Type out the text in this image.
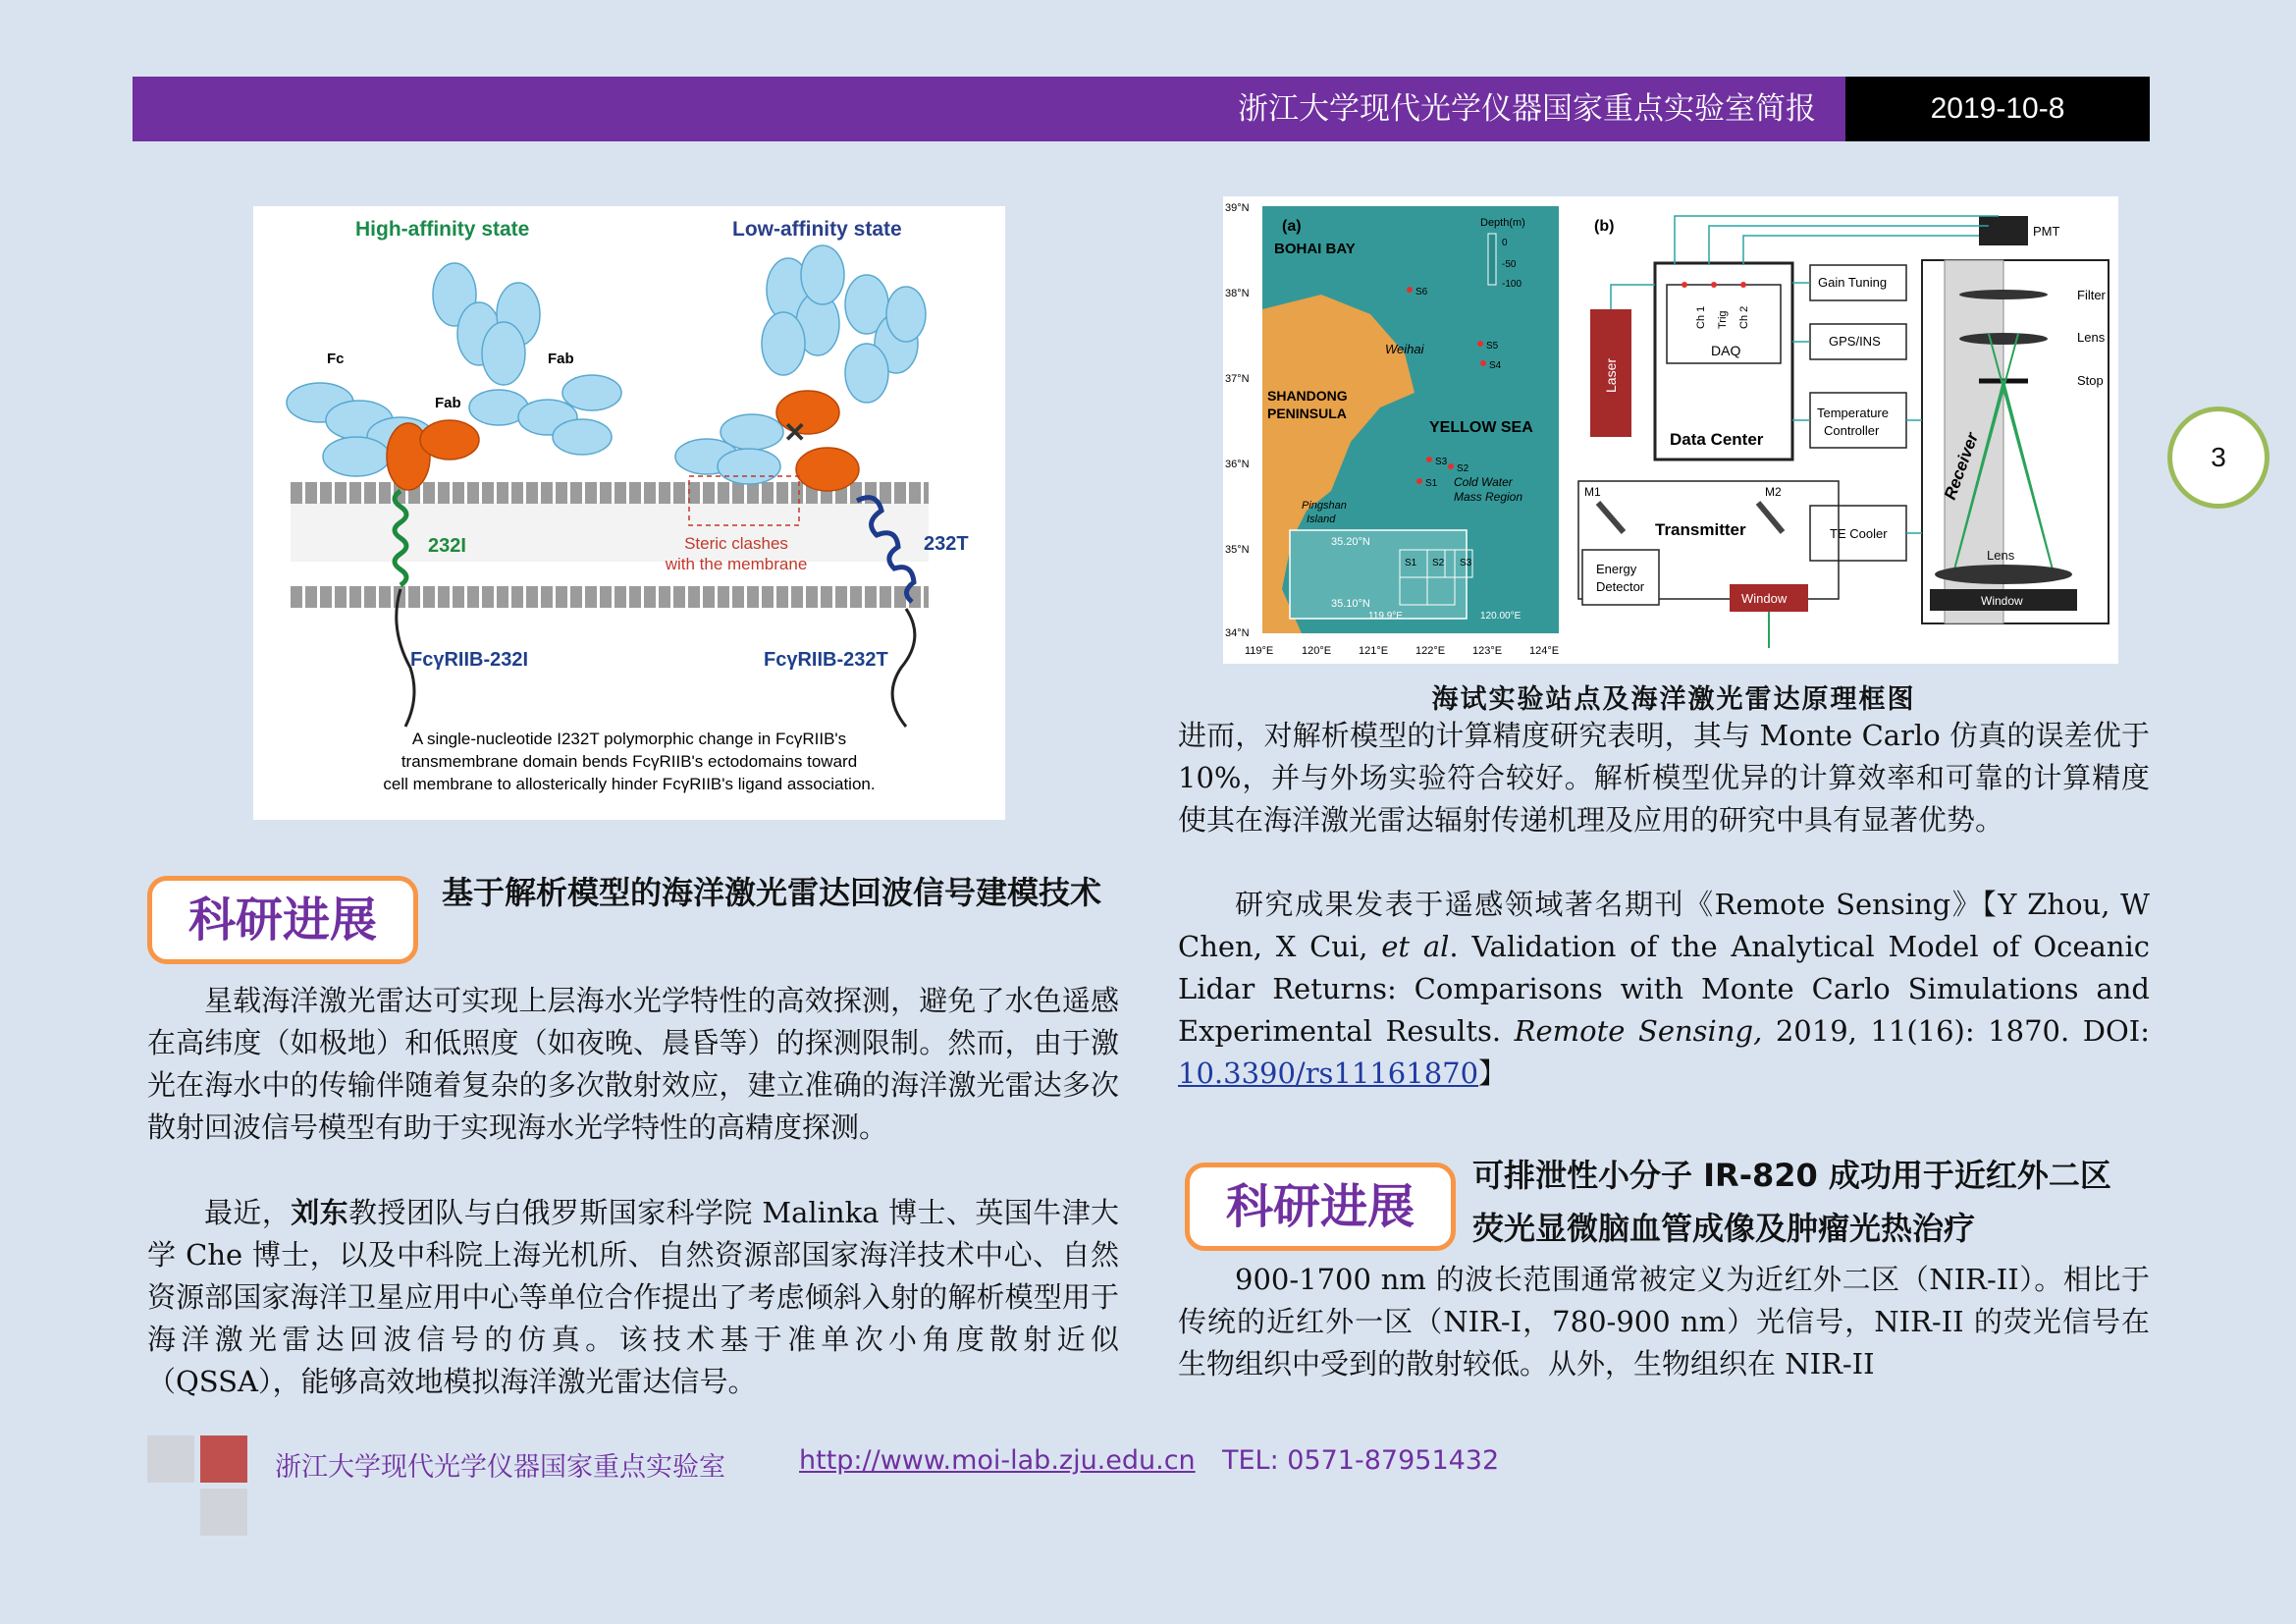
浙江大学现代光学仪器国家重点实验室简报	2019-10-8
3
High-affinity state	Low-affinity state
Fab
Fc	Fab
232I
FcγRIIB-232I
✕
Steric clashes
with the membrane
232T
FcγRIIB-232T
A single-nucleotide I232T polymorphic change in FcγRIIB's
transmembrane domain bends FcγRIIB's ectodomains toward
cell membrane to allosterically hinder FcγRIIB's ligand association.
(a)
BOHAI BAY
SHANDONG
PENINSULA
YELLOW SEA
Weihai
Cold Water
Mass Region
Pingshan
Island
Depth(m)
0
-50
-100
39°N
38°N
37°N
36°N
35°N
34°N
119°E	120°E	121°E	122°E	123°E	124°E
35.20°N
35.10°N
119.9°E	120.00°E
S1 S2 S3
S6
S5
S4
S3
S2
S1
(b)
Laser
Ch 1 Trig Ch 2
DAQ
Data Center
Gain Tuning
GPS/INS
Temperature
Controller
TE Cooler
Transmitter
M1	M2
Energy
Detector
Window
PMT
Filter
Lens
Stop
Lens
Window
Receiver
海试实验站点及海洋激光雷达原理框图
进而，对解析模型的计算精度研究表明，其与 Monte Carlo 仿真的误差优于 10%，并与外场实验符合较好。解析模型优异的计算效率和可靠的计算精度使其在海洋激光雷达辐射传递机理及应用的研究中具有显著优势。
研究成果发表于遥感领域著名期刊《Remote Sensing》【Y Zhou, W Chen, X Cui, et al. Validation of the Analytical Model of Oceanic Lidar Returns: Comparisons with Monte Carlo Simulations and Experimental Results. Remote Sensing, 2019, 11(16): 1870. DOI: 10.3390/rs11161870】
科研进展	基于解析模型的海洋激光雷达回波信号建模技术
星载海洋激光雷达可实现上层海水光学特性的高效探测，避免了水色遥感在高纬度（如极地）和低照度（如夜晚、晨昏等）的探测限制。然而，由于激光在海水中的传输伴随着复杂的多次散射效应，建立准确的海洋激光雷达多次散射回波信号模型有助于实现海水光学特性的高精度探测。
最近，刘东教授团队与白俄罗斯国家科学院 Malinka 博士、英国牛津大学 Che 博士，以及中科院上海光机所、自然资源部国家海洋技术中心、自然资源部国家海洋卫星应用中心等单位合作提出了考虑倾斜入射的解析模型用于海洋激光雷达回波信号的仿真。该技术基于准单次小角度散射近似（QSSA），能够高效地模拟海洋激光雷达信号。
科研进展
可排泄性小分子 IR-820 成功用于近红外二区
荧光显微脑血管成像及肿瘤光热治疗
900-1700 nm 的波长范围通常被定义为近红外二区（NIR-II）。相比于传统的近红外一区（NIR-I，780-900 nm）光信号，NIR-II 的荧光信号在生物组织中受到的散射较低。从外，生物组织在 NIR-II
浙江大学现代光学仪器国家重点实验室	http://www.moi-lab.zju.edu.cn TEL: 0571-87951432
